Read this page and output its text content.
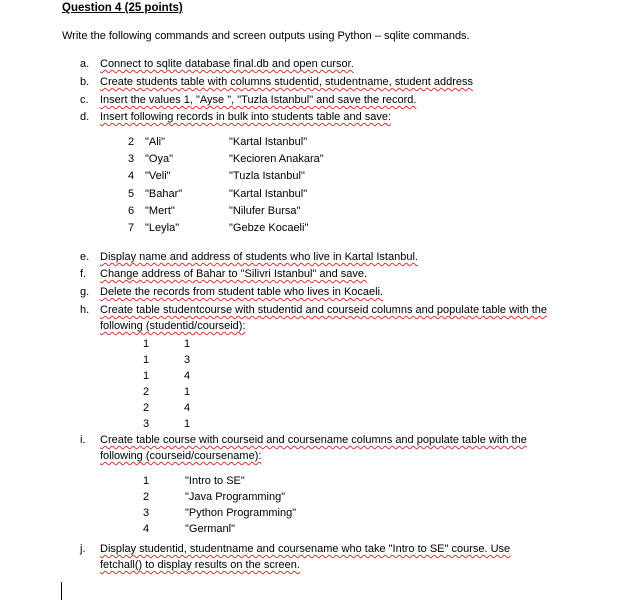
Question 4 (25 points)
Write the following commands and screen outputs using Python – sqlite commands.
a. Connect to sqlite database final.db and open cursor.
b. Create students table with columns studentid, studentname, student address
c. Insert the values 1, "Ayse ", "Tuzla Istanbul" and save the record.
d. Insert following records in bulk into students table and save:
2 "Ali"	"Kartal Istanbul"
3 "Oya"	"Kecioren Anakara"
4 "Veli"	"Tuzla Istanbul"
5 "Bahar"	"Kartal Istanbul"
6 "Mert"	"Nilufer Bursa"
7 "Leyla"	"Gebze Kocaeli"
e. Display name and address of students who live in Kartal Istanbul.
f. Change address of Bahar to "Silivri Istanbul" and save.
g. Delete the records from student table who lives in Kocaeli.
h. Create table studentcourse with studentid and courseid columns and populate table with the
following (studentid/courseid):
1	1
1	3
1	4
2	1
2	4
3	1
i. Create table course with courseid and coursename columns and populate table with the
following (courseid/coursename):
1	"Intro to SE"
2	"Java Programming"
3	"Python Programming"
4	"Germanl"
j. Display studentid, studentname and coursename who take "Intro to SE" course. Use
fetchall() to display results on the screen.
